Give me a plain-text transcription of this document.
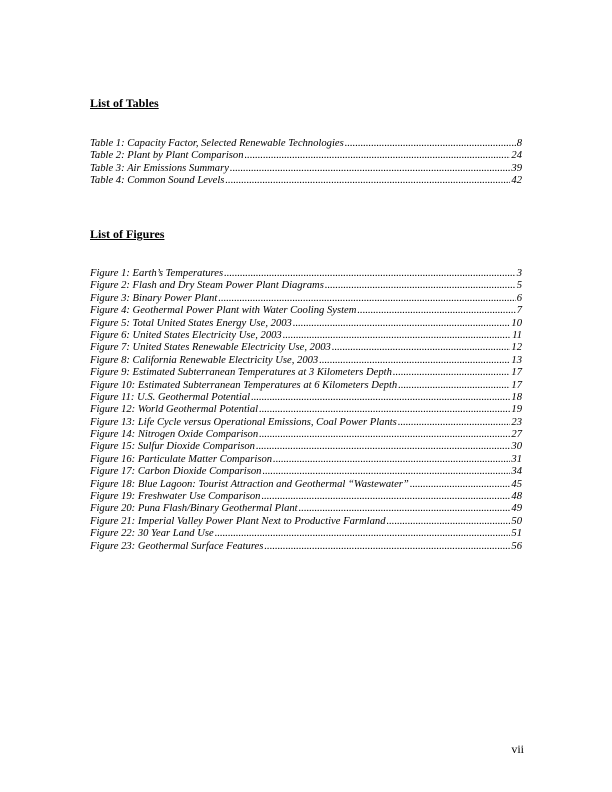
List of Tables
Table 1: Capacity Factor, Selected Renewable Technologies .....	8
Table 2: Plant by Plant Comparison .....	24
Table 3: Air Emissions Summary .....	39
Table 4: Common Sound Levels .....	42
List of Figures
Figure 1: Earth’s Temperatures .....	3
Figure 2: Flash and Dry Steam Power Plant Diagrams .....	5
Figure 3: Binary Power Plant .....	6
Figure 4: Geothermal Power Plant with Water Cooling System .....	7
Figure 5: Total United States Energy Use, 2003 .....	10
Figure 6: United States Electricity Use, 2003 .....	11
Figure 7: United States Renewable Electricity Use, 2003 .....	12
Figure 8: California Renewable Electricity Use, 2003 .....	13
Figure 9: Estimated Subterranean Temperatures at 3 Kilometers Depth .....	17
Figure 10: Estimated Subterranean Temperatures at 6 Kilometers Depth .....	17
Figure 11: U.S. Geothermal Potential .....	18
Figure 12: World Geothermal Potential .....	19
Figure 13: Life Cycle versus Operational Emissions, Coal Power Plants .....	23
Figure 14: Nitrogen Oxide Comparison .....	27
Figure 15: Sulfur Dioxide Comparison .....	30
Figure 16: Particulate Matter Comparison .....	31
Figure 17: Carbon Dioxide Comparison .....	34
Figure 18: Blue Lagoon: Tourist Attraction and Geothermal “Wastewater” .....	45
Figure 19: Freshwater Use Comparison .....	48
Figure 20: Puna Flash/Binary Geothermal Plant .....	49
Figure 21: Imperial Valley Power Plant Next to Productive Farmland .....	50
Figure 22: 30 Year Land Use .....	51
Figure 23: Geothermal Surface Features .....	56
vii
